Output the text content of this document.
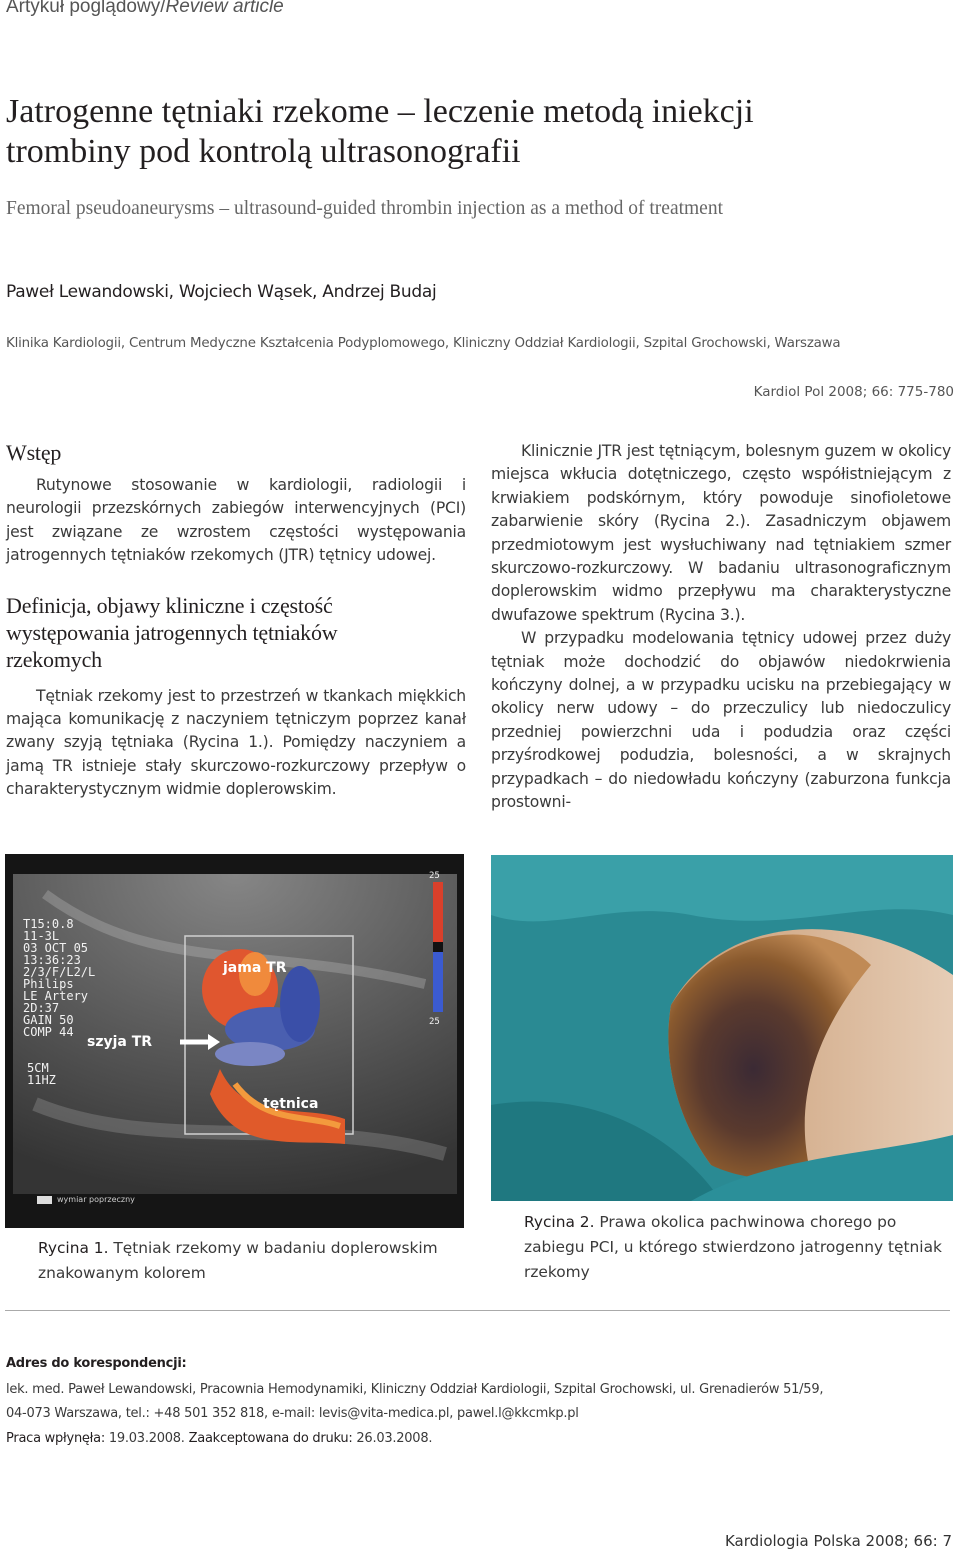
Artykuł poglądowy/Review article
Jatrogenne tętniaki rzekome – leczenie metodą iniekcji
trombiny pod kontrolą ultrasonografii
Femoral pseudoaneurysms – ultrasound-guided thrombin injection as a method of treatment
Paweł Lewandowski, Wojciech Wąsek, Andrzej Budaj
Klinika Kardiologii, Centrum Medyczne Kształcenia Podyplomowego, Kliniczny Oddział Kardiologii, Szpital Grochowski, Warszawa
Kardiol Pol 2008; 66: 775-780
Wstęp

Rutynowe stosowanie w kardiologii, radiologii i neurologii przezskórnych zabiegów interwencyjnych (PCI) jest związane ze wzrostem częstości występowania jatrogennych tętniaków rzekomych (JTR) tętnicy udowej.

Definicja, objawy kliniczne i częstość
występowania jatrogennych tętniaków
rzekomych

Tętniak rzekomy jest to przestrzeń w tkankach miękkich mająca komunikację z naczyniem tętniczym poprzez kanał zwany szyją tętniaka (Rycina 1.). Pomiędzy naczyniem a jamą TR istnieje stały skurczowo-rozkurczowy przepływ o charakterystycznym widmie doplerowskim.

Klinicznie JTR jest tętniącym, bolesnym guzem w okolicy miejsca wkłucia dotętniczego, często współistniejącym z krwiakiem podskórnym, który powoduje sinofioletowe zabarwienie skóry (Rycina 2.). Zasadniczym objawem przedmiotowym jest wysłuchiwany nad tętniakiem szmer skurczowo-rozkurczowy. W badaniu ultrasonograficznym doplerowskim widmo przepływu ma charakterystyczne dwufazowe spektrum (Rycina 3.).

W przypadku modelowania tętnicy udowej przez duży tętniak może dochodzić do objawów niedokrwienia kończyny dolnej, a w przypadku ucisku na przebiegający w okolicy nerw udowy – do przeczulicy lub niedoczulicy przedniej powierzchni uda i podudzia oraz części przyśrodkowej podudzia, bolesności, a w skrajnych przypadkach – do niedowładu kończyny (zaburzona funkcja prostowni-

wymiar poprzeczny
T15:0.8
11-3L
03 OCT 05
13:36:23
2/3/F/L2/L
Philips
LE Artery
2D:37
GAIN 50
COMP 44
5CM
11HZ
25
25
jama TR
szyja TR
tętnica
Rycina 1. Tętniak rzekomy w badaniu doplerowskim znakowanym kolorem
Rycina 2. Prawa okolica pachwinowa chorego po zabiegu PCI, u którego stwierdzono jatrogenny tętniak rzekomy
Adres do korespondencji:
lek. med. Paweł Lewandowski, Pracownia Hemodynamiki, Kliniczny Oddział Kardiologii, Szpital Grochowski, ul. Grenadierów 51/59,
04-073 Warszawa, tel.: +48 501 352 818, e-mail: levis@vita-medica.pl, pawel.l@kkcmkp.pl
Praca wpłynęła: 19.03.2008. Zaakceptowana do druku: 26.03.2008.
Kardiologia Polska 2008; 66: 7
